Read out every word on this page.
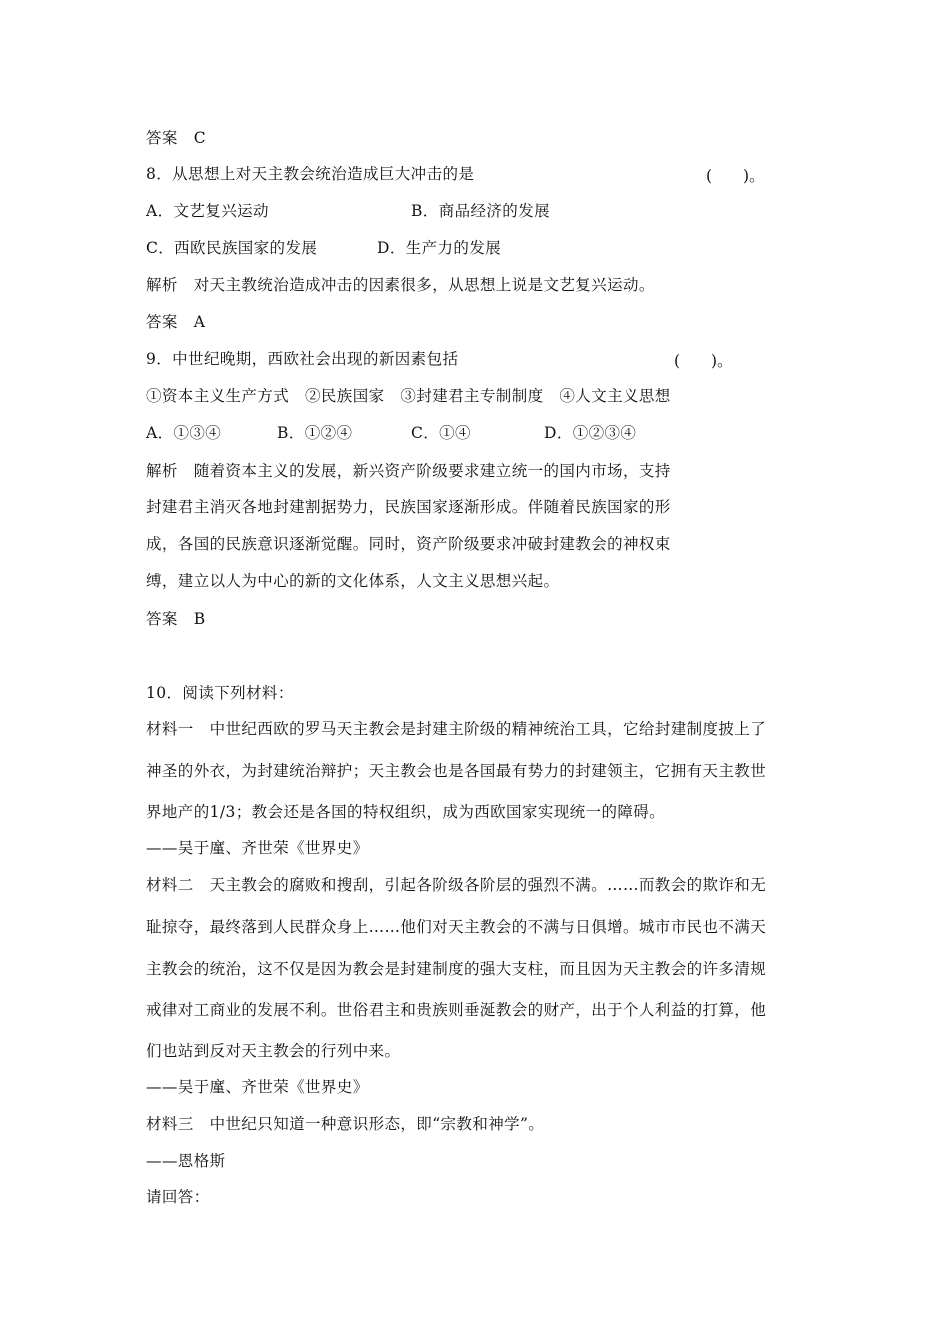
答案　C
8．从思想上对天主教会统治造成巨大冲击的是	(　　)。
A．文艺复兴运动	B．商品经济的发展
C．西欧民族国家的发展	D．生产力的发展
解析　对天主教统治造成冲击的因素很多，从思想上说是文艺复兴运动。
答案　A
9．中世纪晚期，西欧社会出现的新因素包括	(　　)。
①资本主义生产方式　②民族国家　③封建君主专制制度　④人文主义思想
A．①③④	B．①②④	C．①④	D．①②③④
解析　随着资本主义的发展，新兴资产阶级要求建立统一的国内市场，支持
封建君主消灭各地封建割据势力，民族国家逐渐形成。伴随着民族国家的形
成，各国的民族意识逐渐觉醒。同时，资产阶级要求冲破封建教会的神权束
缚，建立以人为中心的新的文化体系，人文主义思想兴起。
答案　B
10．阅读下列材料：
材料一　中世纪西欧的罗马天主教会是封建主阶级的精神统治工具，它给封建制度披上了
神圣的外衣，为封建统治辩护；天主教会也是各国最有势力的封建领主，它拥有天主教世
界地产的1/3；教会还是各国的特权组织，成为西欧国家实现统一的障碍。
——吴于廑、齐世荣《世界史》
材料二　天主教会的腐败和搜刮，引起各阶级各阶层的强烈不满。……而教会的欺诈和无
耻掠夺，最终落到人民群众身上……他们对天主教会的不满与日俱增。城市市民也不满天
主教会的统治，这不仅是因为教会是封建制度的强大支柱，而且因为天主教会的许多清规
戒律对工商业的发展不利。世俗君主和贵族则垂涎教会的财产，出于个人利益的打算，他
们也站到反对天主教会的行列中来。
——吴于廑、齐世荣《世界史》
材料三　中世纪只知道一种意识形态，即“宗教和神学”。
——恩格斯
请回答：
